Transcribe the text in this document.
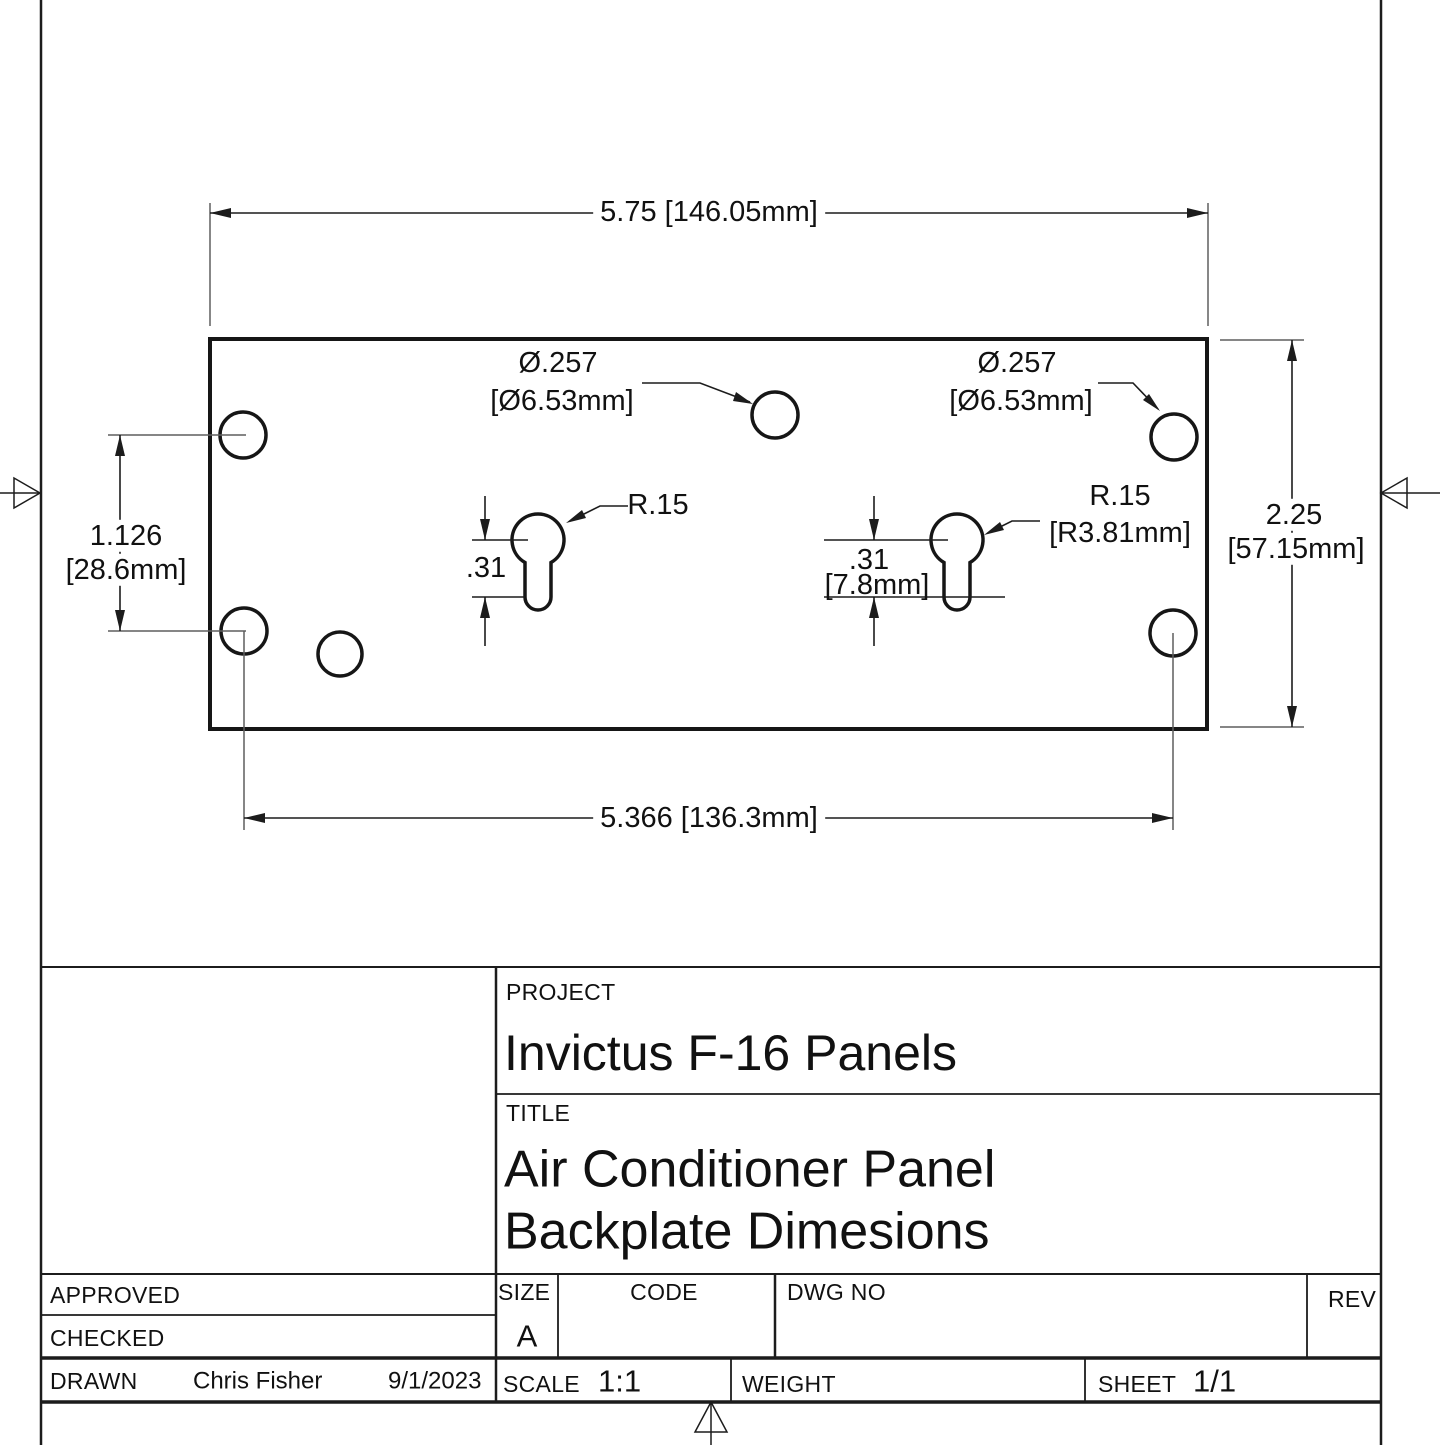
5.75 [146.05mm]
5.366 [136.3mm]
1.126
[28.6mm]
2.25
[57.15mm]
Ø.257
[Ø6.53mm]
Ø.257
[Ø6.53mm]
R.15	R.15
[R3.81mm]
.31	.31
[7.8mm]
PROJECT
Invictus F-16 Panels
TITLE
Air Conditioner Panel
Backplate Dimesions
APPROVED
CHECKED
DRAWN Chris Fisher	9/1/2023
SIZE
A
CODE	DWG NO	REV
SCALE 1:1	WEIGHT	SHEET 1/1
